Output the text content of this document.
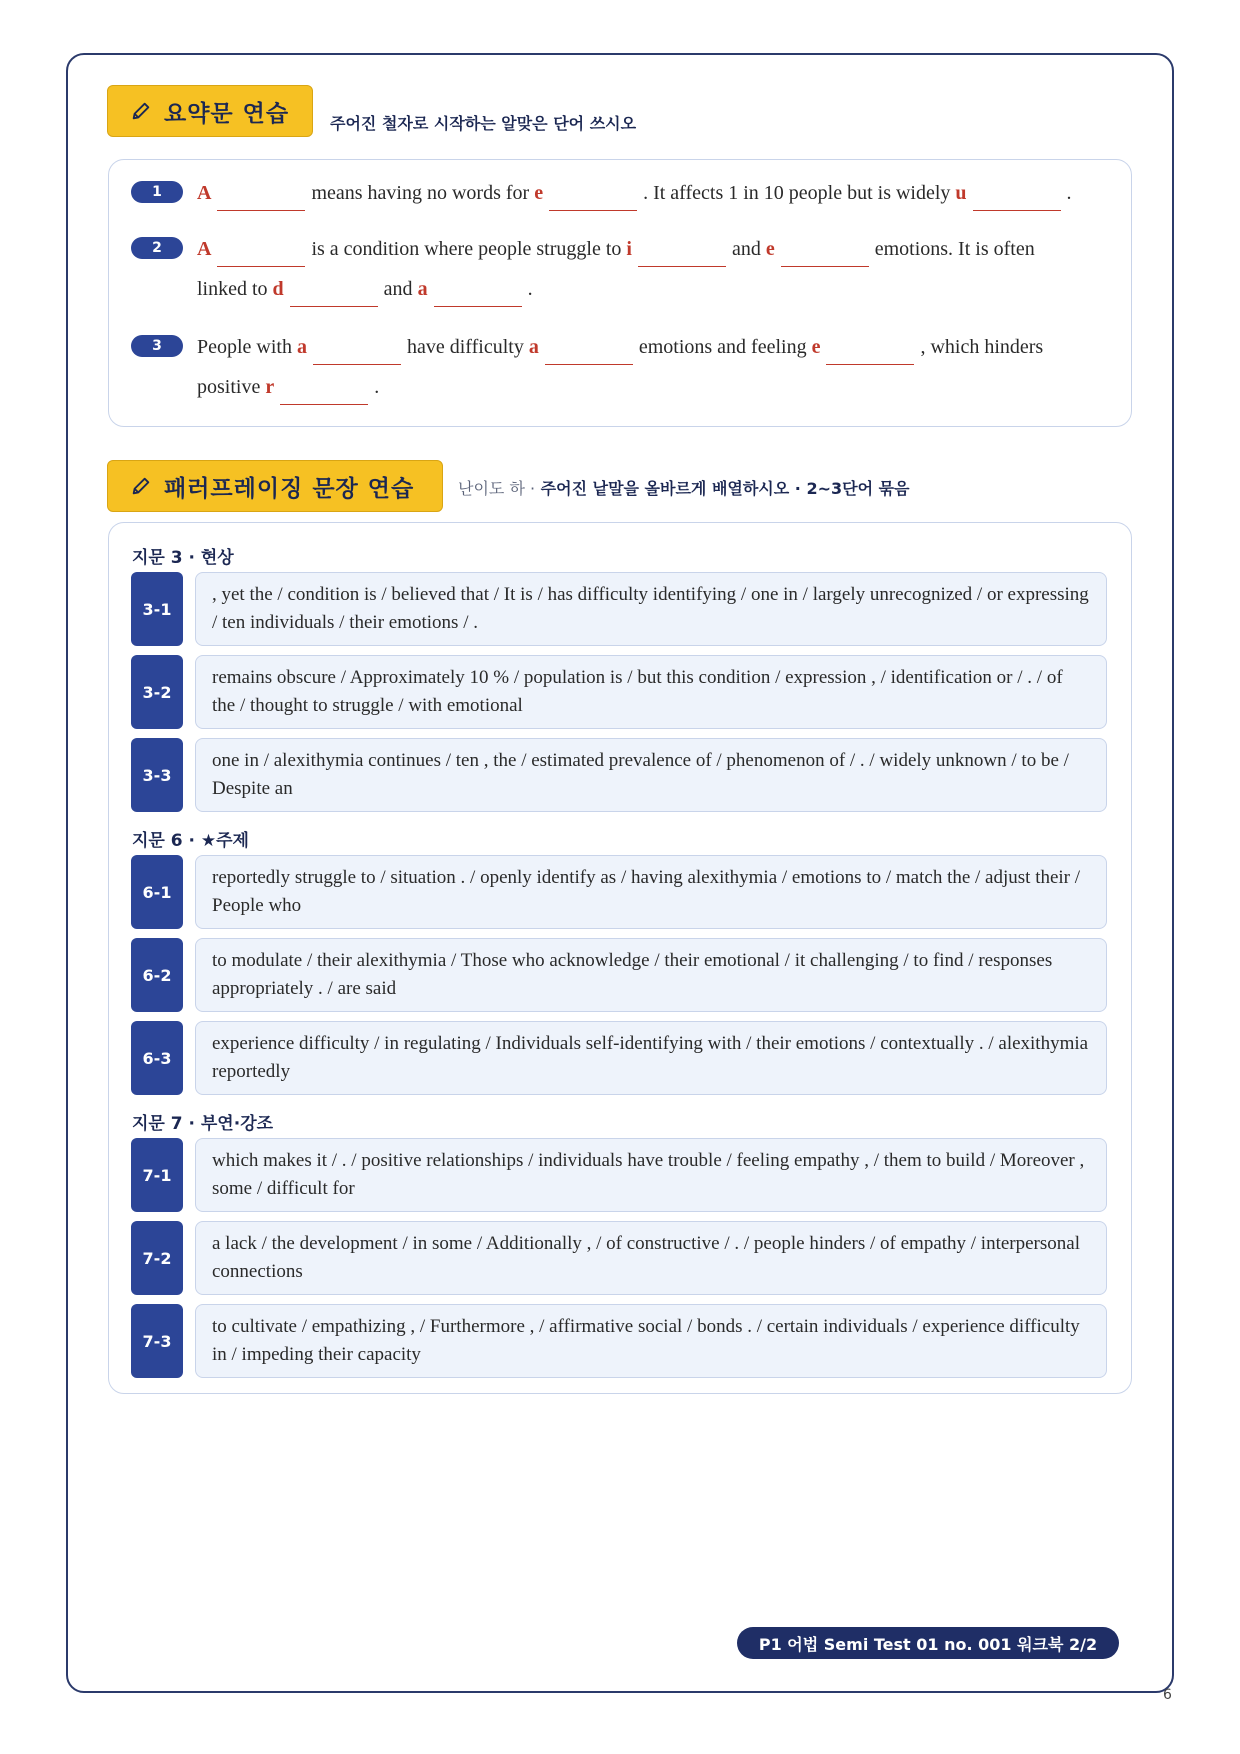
요약문 연습	주어진 철자로 시작하는 알맞은 단어 쓰시오
1	A	means having no words for e	. It affects 1 in 10 people but is widely u	.
2	A	is a condition where people struggle to i	and e	emotions. It is often
linked to d	and a	.
3	People with a	have difficulty a	emotions and feeling e	, which hinders
positive r	.
패러프레이징 문장 연습	난이도 하 · 주어진 낱말을 올바르게 배열하시오 · 2~3단어 묶음
지문 3 · 현상
3-1
, yet the / condition is / believed that / It is / has difficulty identifying / one in / largely unrecognized / or expressing / ten individuals / their emotions / .
3-2
remains obscure / Approximately 10 % / population is / but this condition / expression , / identification or / . / of the / thought to struggle / with emotional
3-3
one in / alexithymia continues / ten , the / estimated prevalence of / phenomenon of / . / widely unknown / to be / Despite an
지문 6 · ★주제
6-1
reportedly struggle to / situation . / openly identify as / having alexithymia / emotions to / match the / adjust their / People who
6-2
to modulate / their alexithymia / Those who acknowledge / their emotional / it challenging / to find / responses appropriately . / are said
6-3
experience difficulty / in regulating / Individuals self-identifying with / their emotions / contextually . / alexithymia reportedly
지문 7 · 부연·강조
7-1
which makes it / . / positive relationships / individuals have trouble / feeling empathy , / them to build / Moreover , some / difficult for
7-2
a lack / the development / in some / Additionally , / of constructive / . / people hinders / of empathy / interpersonal connections
7-3
to cultivate / empathizing , / Furthermore , / affirmative social / bonds . / certain individuals / experience difficulty in / impeding their capacity
P1 어법 Semi Test 01 no. 001 워크북 2/2
6
